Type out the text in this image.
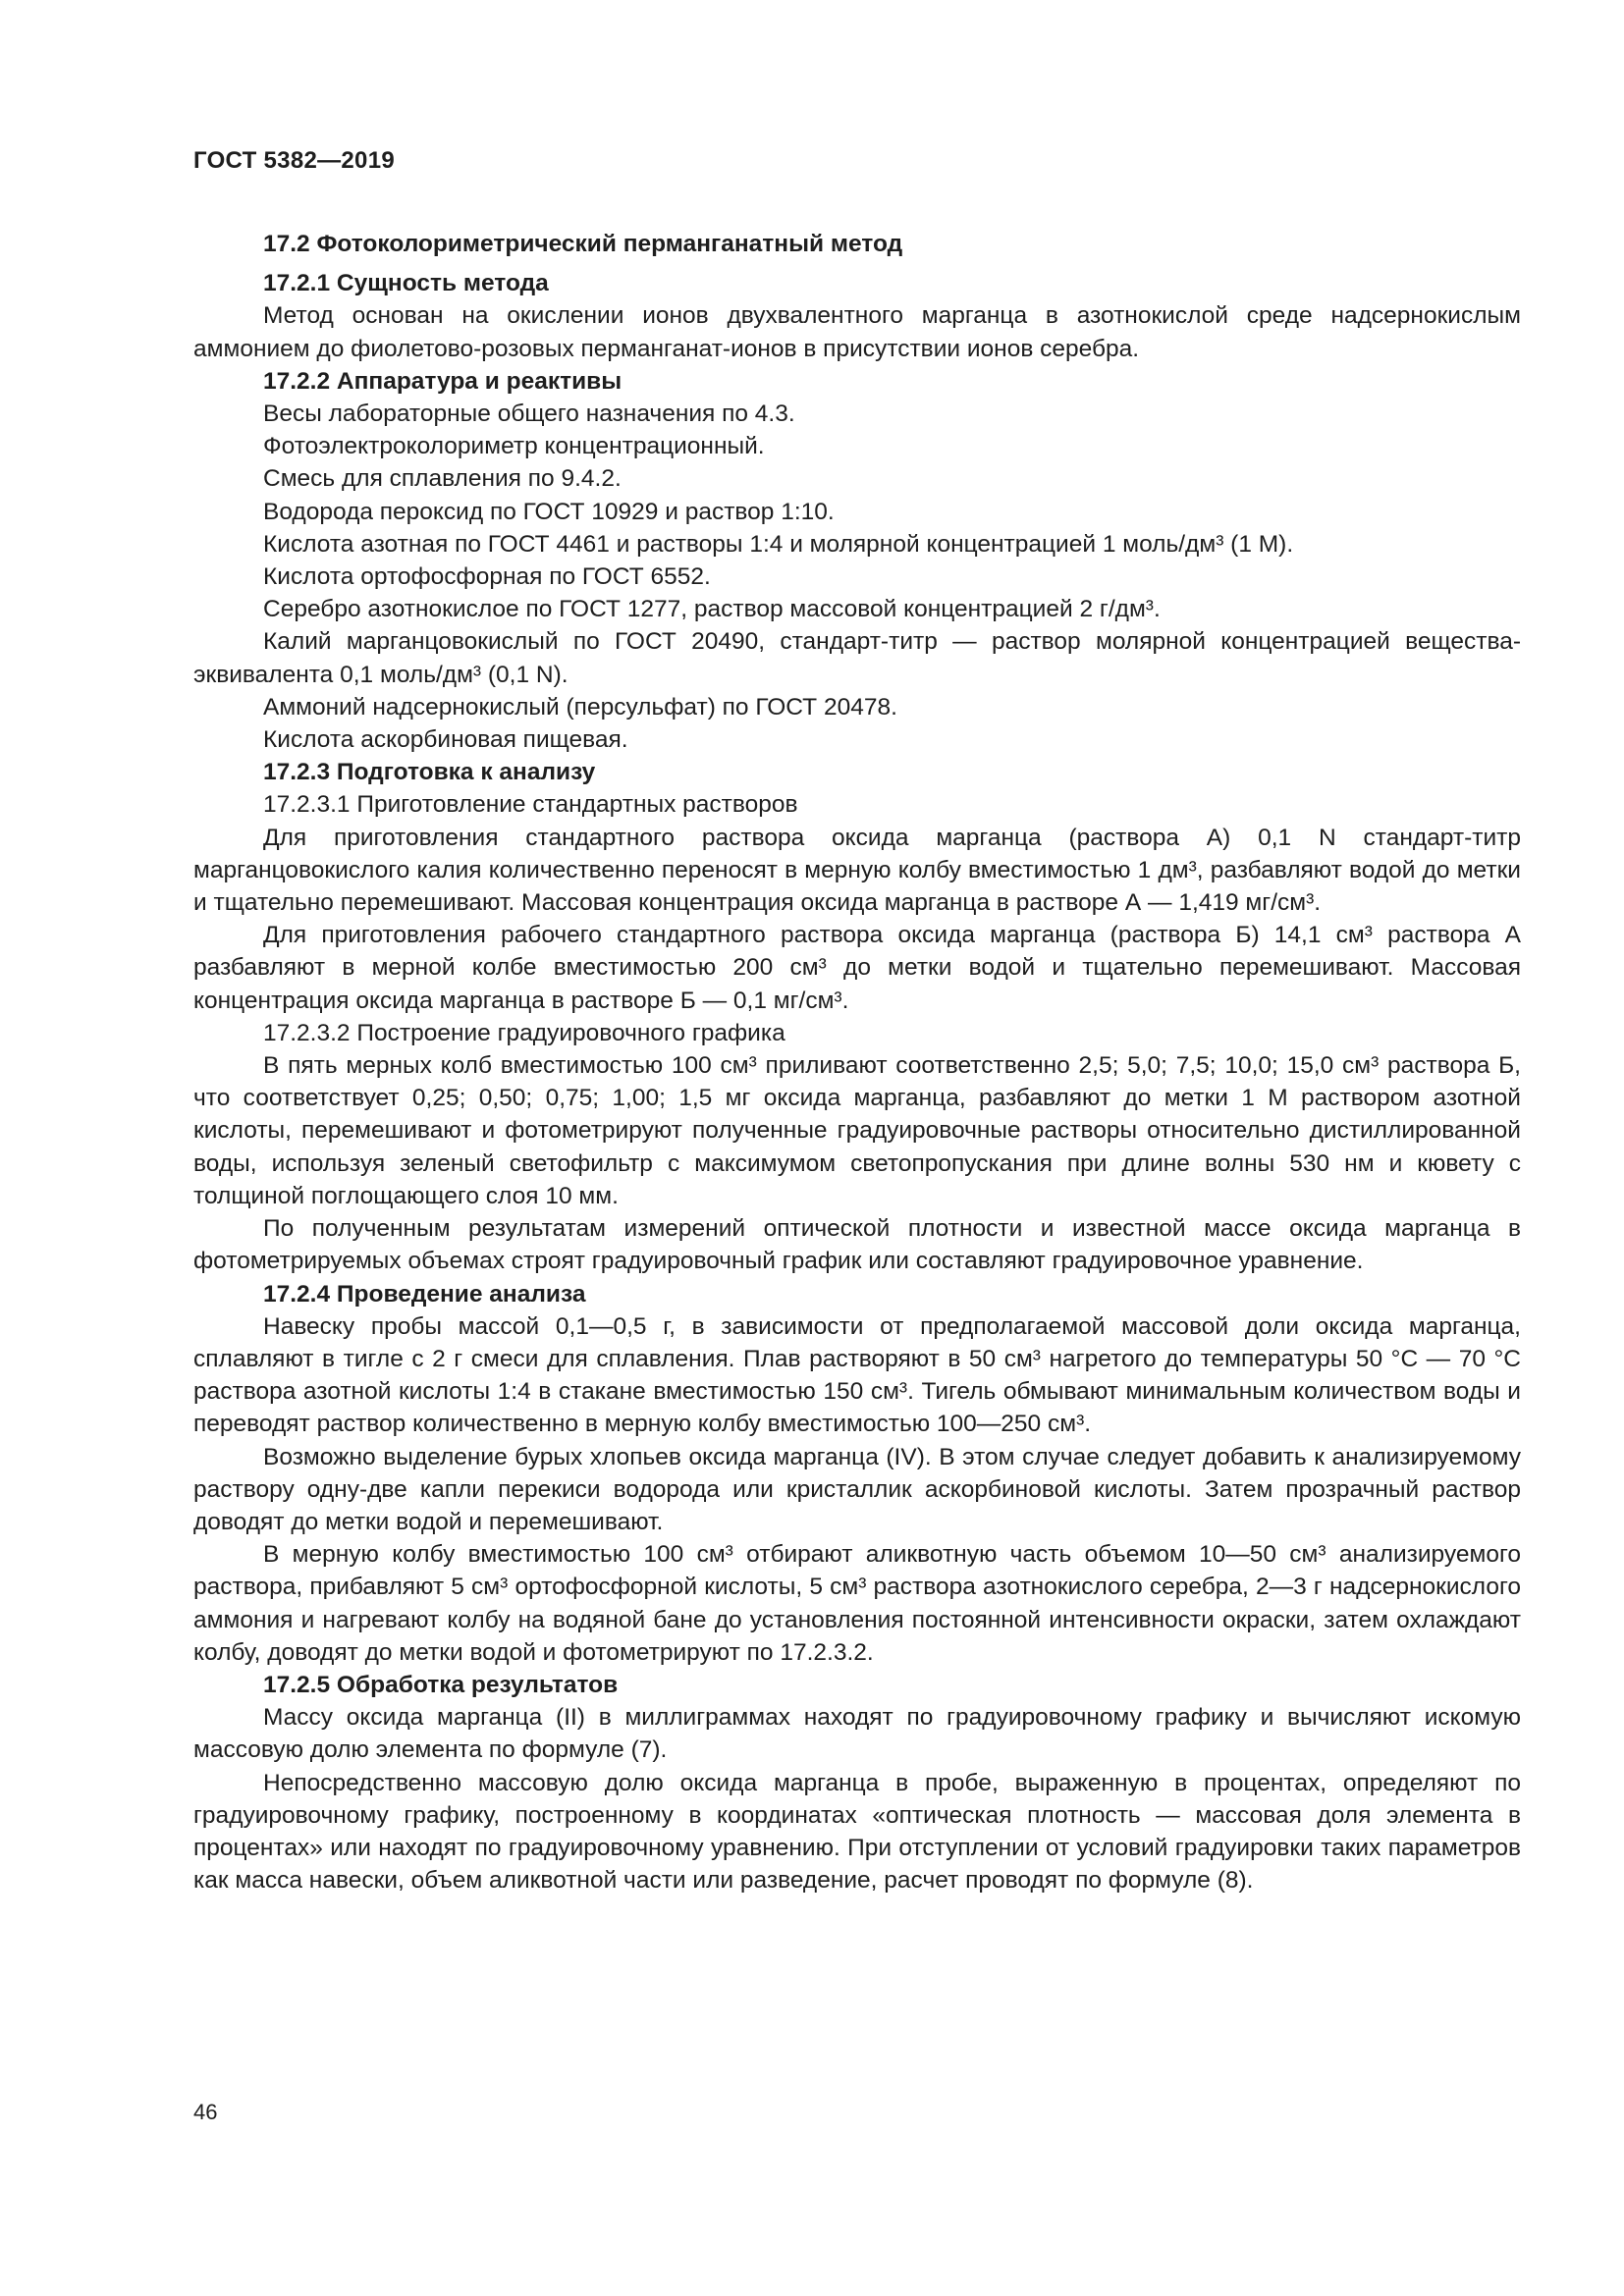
ГОСТ 5382—2019

17.2 Фотоколориметрический перманганатный метод

17.2.1 Сущность метода

Метод основан на окислении ионов двухвалентного марганца в азотнокислой среде надсернокислым аммонием до фиолетово-розовых перманганат-ионов в присутствии ионов серебра.

17.2.2 Аппаратура и реактивы

Весы лабораторные общего назначения по 4.3.

Фотоэлектроколориметр концентрационный.

Смесь для сплавления по 9.4.2.

Водорода пероксид по ГОСТ 10929 и раствор 1:10.

Кислота азотная по ГОСТ 4461 и растворы 1:4 и молярной концентрацией 1 моль/дм³ (1 М).

Кислота ортофосфорная по ГОСТ 6552.

Серебро азотнокислое по ГОСТ 1277, раствор массовой концентрацией 2 г/дм³.

Калий марганцовокислый по ГОСТ 20490, стандарт-титр — раствор молярной концентрацией вещества-эквивалента 0,1 моль/дм³ (0,1 N).

Аммоний надсернокислый (персульфат) по ГОСТ 20478.

Кислота аскорбиновая пищевая.

17.2.3 Подготовка к анализу

17.2.3.1 Приготовление стандартных растворов

Для приготовления стандартного раствора оксида марганца (раствора А) 0,1 N стандарт-титр марганцовокислого калия количественно переносят в мерную колбу вместимостью 1 дм³, разбавляют водой до метки и тщательно перемешивают. Массовая концентрация оксида марганца в растворе А — 1,419 мг/см³.

Для приготовления рабочего стандартного раствора оксида марганца (раствора Б) 14,1 см³ раствора А разбавляют в мерной колбе вместимостью 200 см³ до метки водой и тщательно перемешивают. Массовая концентрация оксида марганца в растворе Б — 0,1 мг/см³.

17.2.3.2 Построение градуировочного графика

В пять мерных колб вместимостью 100 см³ приливают соответственно 2,5; 5,0; 7,5; 10,0; 15,0 см³ раствора Б, что соответствует 0,25; 0,50; 0,75; 1,00; 1,5 мг оксида марганца, разбавляют до метки 1 М раствором азотной кислоты, перемешивают и фотометрируют полученные градуировочные растворы относительно дистиллированной воды, используя зеленый светофильтр с максимумом светопропускания при длине волны 530 нм и кювету с толщиной поглощающего слоя 10 мм.

По полученным результатам измерений оптической плотности и известной массе оксида марганца в фотометрируемых объемах строят градуировочный график или составляют градуировочное уравнение.

17.2.4 Проведение анализа

Навеску пробы массой 0,1—0,5 г, в зависимости от предполагаемой массовой доли оксида марганца, сплавляют в тигле с 2 г смеси для сплавления. Плав растворяют в 50 см³ нагретого до температуры 50 °С — 70 °С раствора азотной кислоты 1:4 в стакане вместимостью 150 см³. Тигель обмывают минимальным количеством воды и переводят раствор количественно в мерную колбу вместимостью 100—250 см³.

Возможно выделение бурых хлопьев оксида марганца (IV). В этом случае следует добавить к анализируемому раствору одну-две капли перекиси водорода или кристаллик аскорбиновой кислоты. Затем прозрачный раствор доводят до метки водой и перемешивают.

В мерную колбу вместимостью 100 см³ отбирают аликвотную часть объемом 10—50 см³ анализируемого раствора, прибавляют 5 см³ ортофосфорной кислоты, 5 см³ раствора азотнокислого серебра, 2—3 г надсернокислого аммония и нагревают колбу на водяной бане до установления постоянной интенсивности окраски, затем охлаждают колбу, доводят до метки водой и фотометрируют по 17.2.3.2.

17.2.5 Обработка результатов

Массу оксида марганца (II) в миллиграммах находят по градуировочному графику и вычисляют искомую массовую долю элемента по формуле (7).

Непосредственно массовую долю оксида марганца в пробе, выраженную в процентах, определяют по градуировочному графику, построенному в координатах «оптическая плотность — массовая доля элемента в процентах» или находят по градуировочному уравнению. При отступлении от условий градуировки таких параметров как масса навески, объем аликвотной части или разведение, расчет проводят по формуле (8).

46
